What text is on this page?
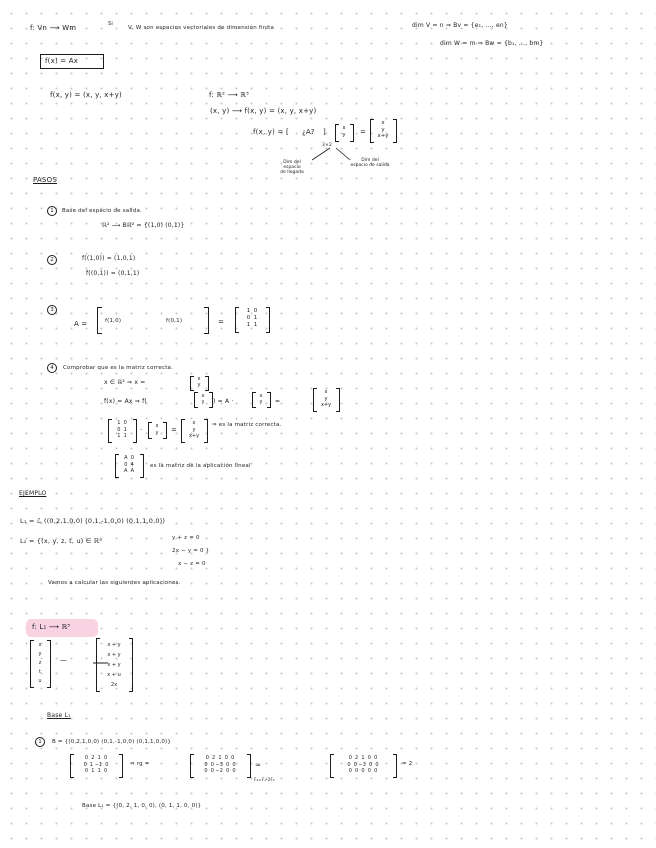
f: Vn ⟶ Wm	Si
V, W son espacios vectoriales de dimensión finita	dim V = n ⇒ Bv = {e₁, ..., en}
dim W = m ⇒ Bw = {b₁, ..., bm}
f(x) = Ax
f(x, y) = (x, y, x+y)	f: ℝ² ⟶ ℝ³
(x, y) ⟶ f(x, y) = (x, y, x+y)
f(x, y) = [ ¿A? ]
3×2
x
y	=
x
y
x+y
Dim del
espacio
de llegada
Dim del
espacio de salida
PASOS
1	Base del espacio de salida.
ℝ² ⟶ Bℝ² = {(1,0) (0,1)}
2	f((1,0)) = (1,0,1)
f((0,1)) = (0,1,1)
3
A =	f(1,0)	f(0,1)	=
1  0
0  1
1  1
4	Comprobar que es la matriz correcta.
x ∈ ℝ² ⇒ x =	x
y
f(x) = Ax ⇒ f(
x
y	) = A ·
x
y	=
x
y
x+y
1  0
0  1
1  1
·	x
y	=
x
y
x+y
⇒ es la matriz correcta.
A  0
0  4
A  A
es la matriz de la aplicación lineal
EJEMPLO
L₁ = ℒ ((0,2,1,0,0) (0,1,-1,0,0) (0,1,1,0,0))
L₂ = {(x, y, z, t, u) ∈ ℝ⁵	y + z = 0
2x − y = 0 }
x − z = 0
Vamos a calcular las siguientes aplicaciones.
f: L₁ ⟶ ℝ⁵
x
y
z
t
u
—
x + y
x + y
x + y
x + u
2x
Base L₁
1	B = {(0,2,1,0,0) (0,1,-1,0,0) (0,1,1,0,0)}
0  2  1  0
0  1 −1  0
0  1  1  0
⇒ rg =
0  2  1  0  0
0  0 −3  0  0
0  0 −2  0  0
≈
F₂=F₁-2F₂
0  2  1  0  0
0  0 −3  0  0
0  0  0  0  0
= 2
Base L₁ = {(0, 2, 1, 0, 0), (0, 1, 1, 0, 0)}
